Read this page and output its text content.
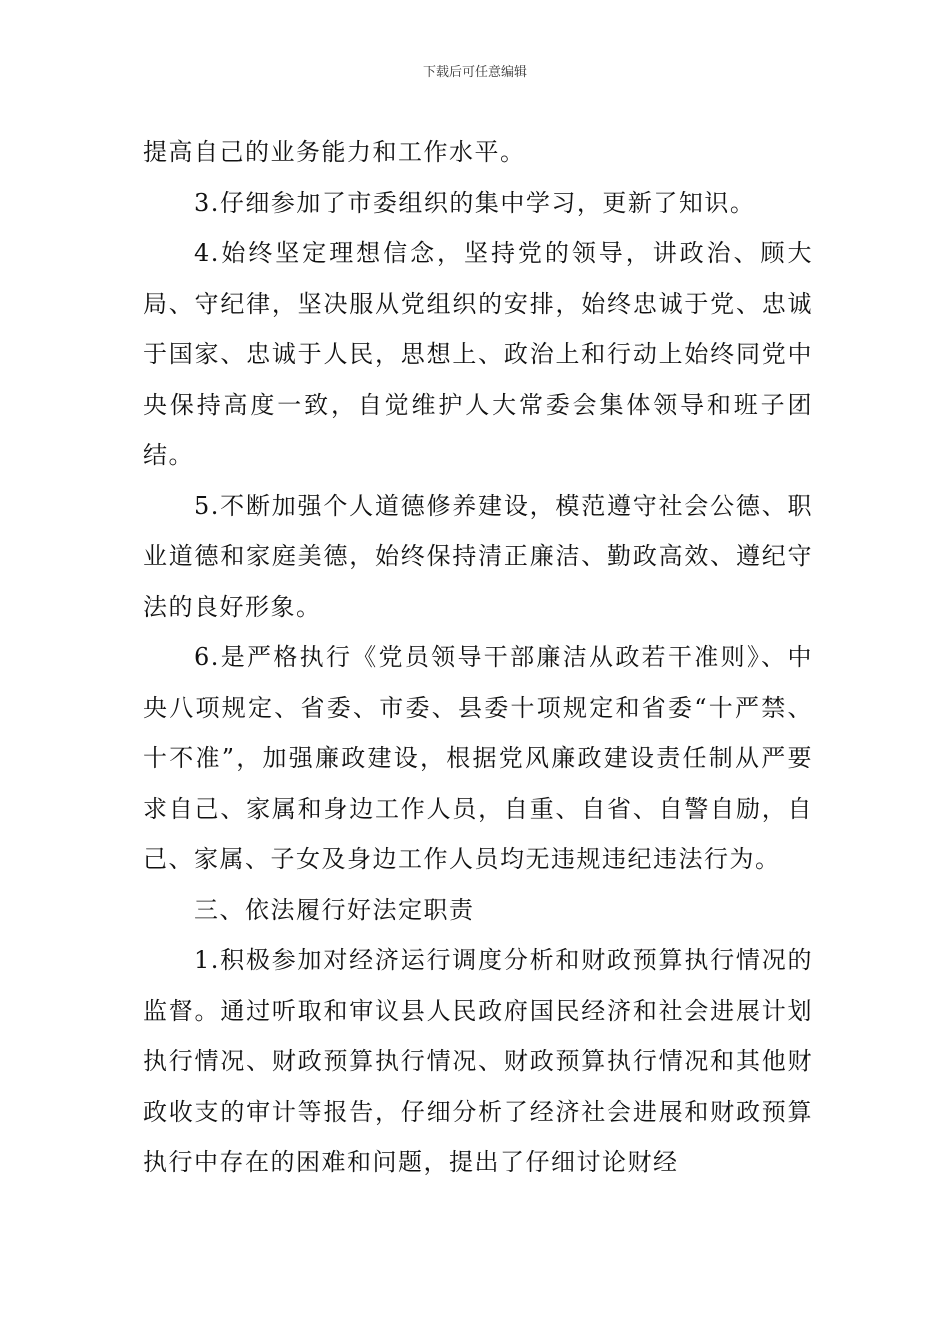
下载后可任意编辑

提高自己的业务能力和工作水平。

3.仔细参加了市委组织的集中学习，更新了知识。

4.始终坚定理想信念，坚持党的领导，讲政治、顾大局、守纪律，坚决服从党组织的安排，始终忠诚于党、忠诚于国家、忠诚于人民，思想上、政治上和行动上始终同党中央保持高度一致，自觉维护人大常委会集体领导和班子团结。

5.不断加强个人道德修养建设，模范遵守社会公德、职业道德和家庭美德，始终保持清正廉洁、勤政高效、遵纪守法的良好形象。

6.是严格执行《党员领导干部廉洁从政若干准则》、中央八项规定、省委、市委、县委十项规定和省委“十严禁、十不准”，加强廉政建设，根据党风廉政建设责任制从严要求自己、家属和身边工作人员，自重、自省、自警自励，自己、家属、子女及身边工作人员均无违规违纪违法行为。

三、依法履行好法定职责

1.积极参加对经济运行调度分析和财政预算执行情况的监督。通过听取和审议县人民政府国民经济和社会进展计划执行情况、财政预算执行情况、财政预算执行情况和其他财政收支的审计等报告，仔细分析了经济社会进展和财政预算执行中存在的困难和问题，提出了仔细讨论财经
